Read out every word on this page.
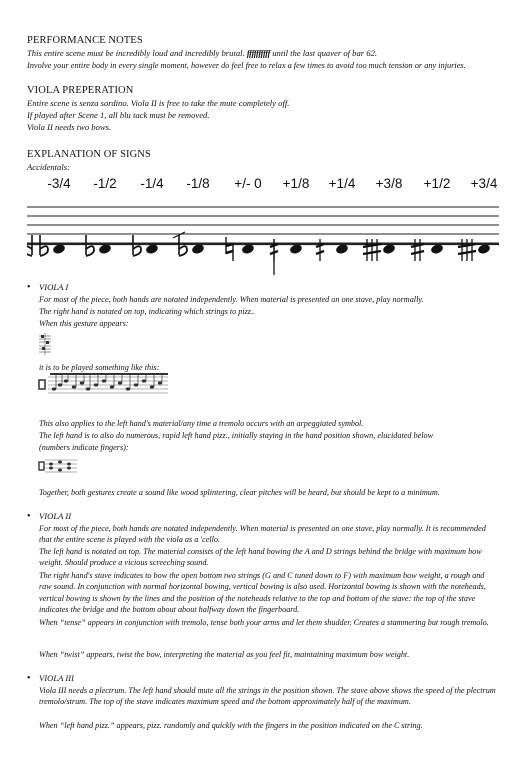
PERFORMANCE NOTES
This entire scene must be incredibly loud and incredibly brutal. ffffffffff until the last quaver of bar 62.
Involve your entire body in every single moment, however do feel free to relax a few times to avoid too much tension or any injuries.
VIOLA PREPERATION
Entire scene is senza sordino. Viola II is free to take the mute completely off.
If played after Scene 1, all blu tack must be removed.
Viola II needs two bows.
EXPLANATION OF SIGNS
Accidentals:
-3/4 -1/2 -1/4 -1/8 +/- 0 +1/8 +1/4 +3/8 +1/2 +3/4
• VIOLA I
For most of the piece, both hands are notated independently. When material is presented on one stave, play normally.
The right hand is notated on top, indicating which strings to pizz..
When this gesture appears:
it is to be played something like this:
This also applies to the left hand's material/any time a tremolo occurs with an arpeggiated symbol.
The left hand is to also do numerous, rapid left hand pizz., initially staying in the hand position shown, elucidated below
(numbers indicate fingers):
Together, both gestures create a sound like wood splintering, clear pitches will be heard, but should be kept to a minimum.
• VIOLA II
For most of the piece, both hands are notated independently. When material is presented on one stave, play normally. It is recommended that the entire scene is played with the viola as a 'cello.
The left hand is notated on top. The material consists of the left hand bowing the A and D strings behind the bridge with maximum bow weight. Should produce a vicious screeching sound.
The right hand's stave indicates to bow the open bottom two strings (G and C tuned down to F) with maximum bow weight, a rough and raw sound. In conjunction with normal horizontal bowing, vertical bowing is also used. Horizontal bowing is shown with the noteheads, vertical bowing is shown by the lines and the position of the noteheads relative to the top and bottom of the stave: the top of the stave indicates the bridge and the bottom about about halfway down the fingerboard.
When “tense” appears in conjunction with tremolo, tense both your arms and let them shudder. Creates a stammering but rough tremolo.
When “twist” appears, twist the bow, interpreting the material as you feel fit, maintaining maximum bow weight.
• VIOLA III
Viola III needs a plectrum. The left hand should mute all the strings in the position shown. The stave above shows the speed of the plectrum tremolo/strum. The top of the stave indicates maximum speed and the bottom approximately half of the maximum.
When “left hand pizz.” appears, pizz. randomly and quickly with the fingers in the position indicated on the C string.
